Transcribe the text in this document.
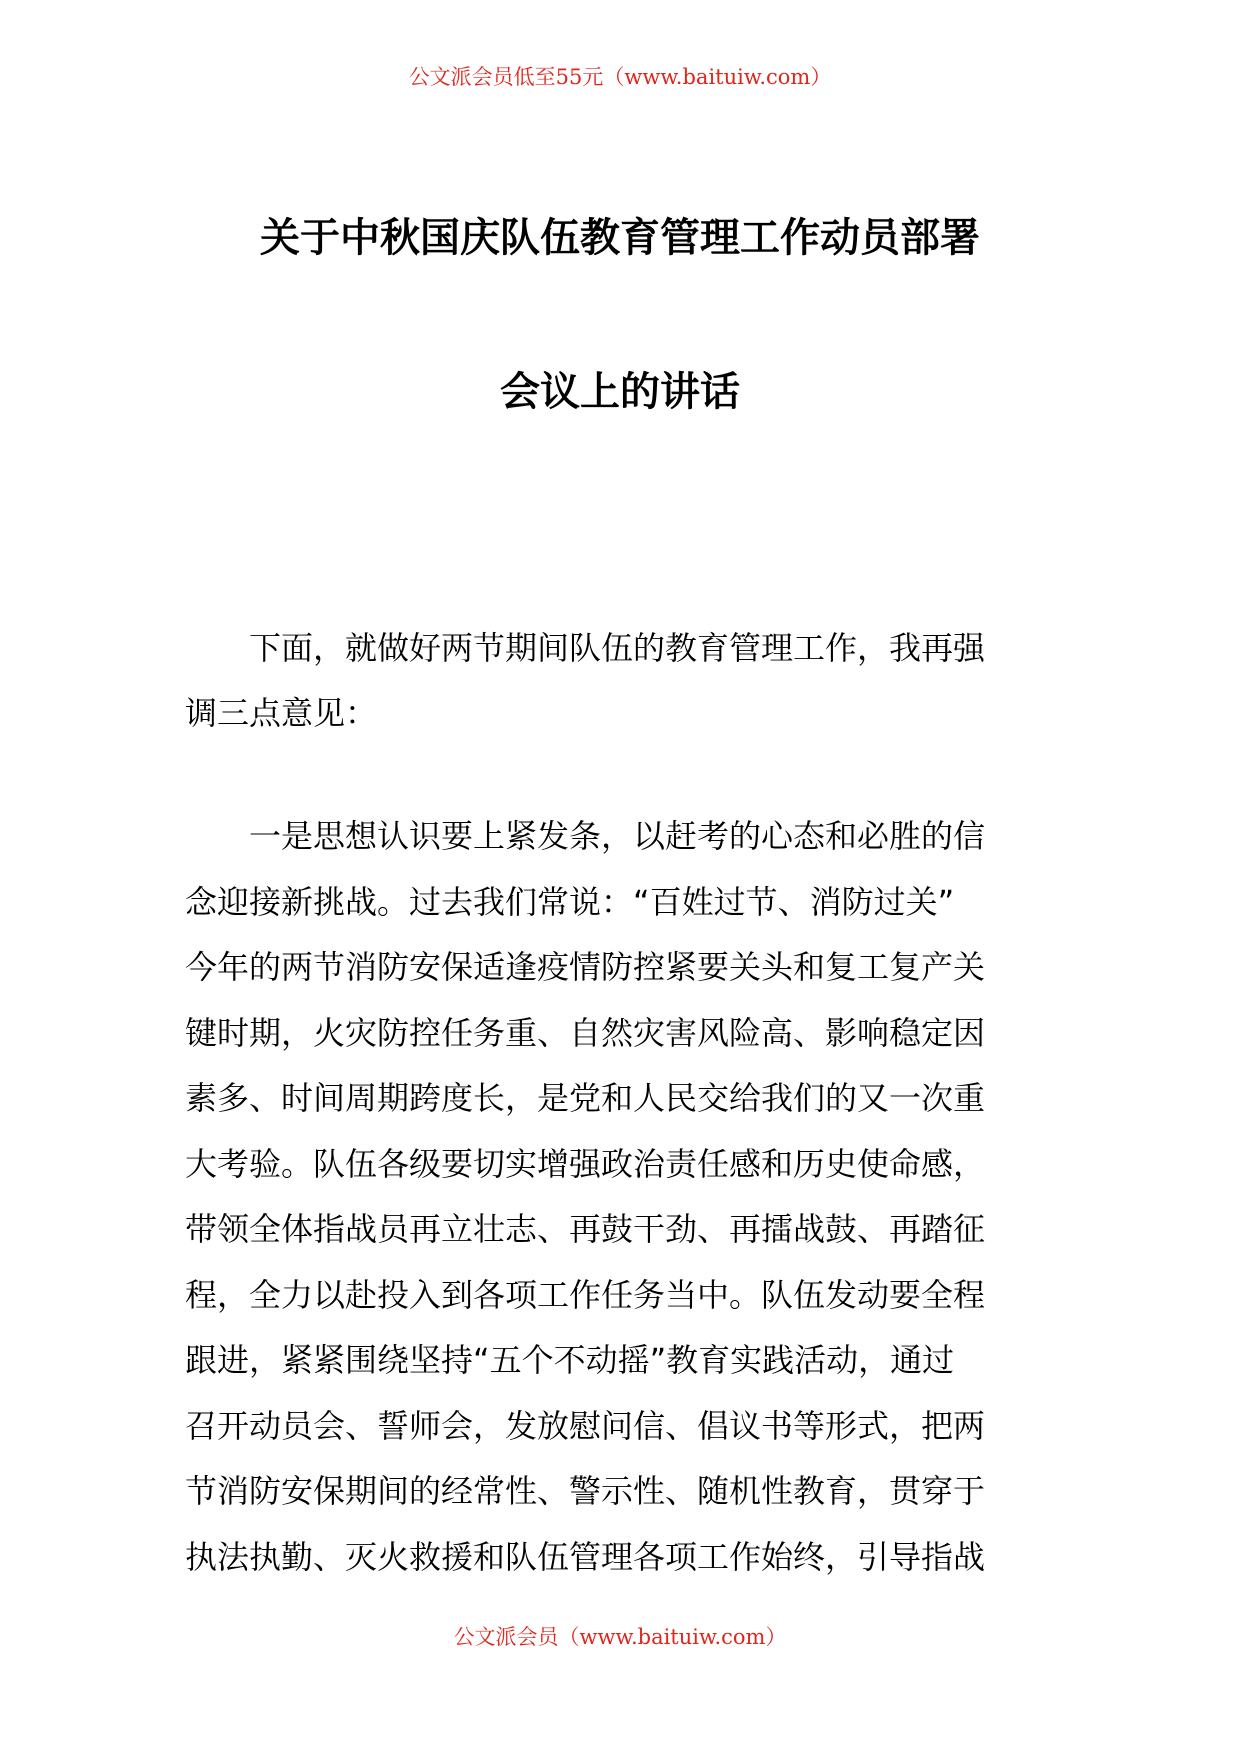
公文派会员低至55元（www.baituiw.com）
关于中秋国庆队伍教育管理工作动员部署
会议上的讲话
　　下面，就做好两节期间队伍的教育管理工作，我再强
调三点意见：
　　一是思想认识要上紧发条，以赶考的心态和必胜的信
念迎接新挑战。过去我们常说：“百姓过节、消防过关”
今年的两节消防安保适逢疫情防控紧要关头和复工复产关
键时期，火灾防控任务重、自然灾害风险高、影响稳定因
素多、时间周期跨度长，是党和人民交给我们的又一次重
大考验。队伍各级要切实增强政治责任感和历史使命感，
带领全体指战员再立壮志、再鼓干劲、再擂战鼓、再踏征
程，全力以赴投入到各项工作任务当中。队伍发动要全程
跟进，紧紧围绕坚持“五个不动摇”教育实践活动，通过
召开动员会、誓师会，发放慰问信、倡议书等形式，把两
节消防安保期间的经常性、警示性、随机性教育，贯穿于
执法执勤、灭火救援和队伍管理各项工作始终，引导指战
公文派会员（www.baituiw.com）
